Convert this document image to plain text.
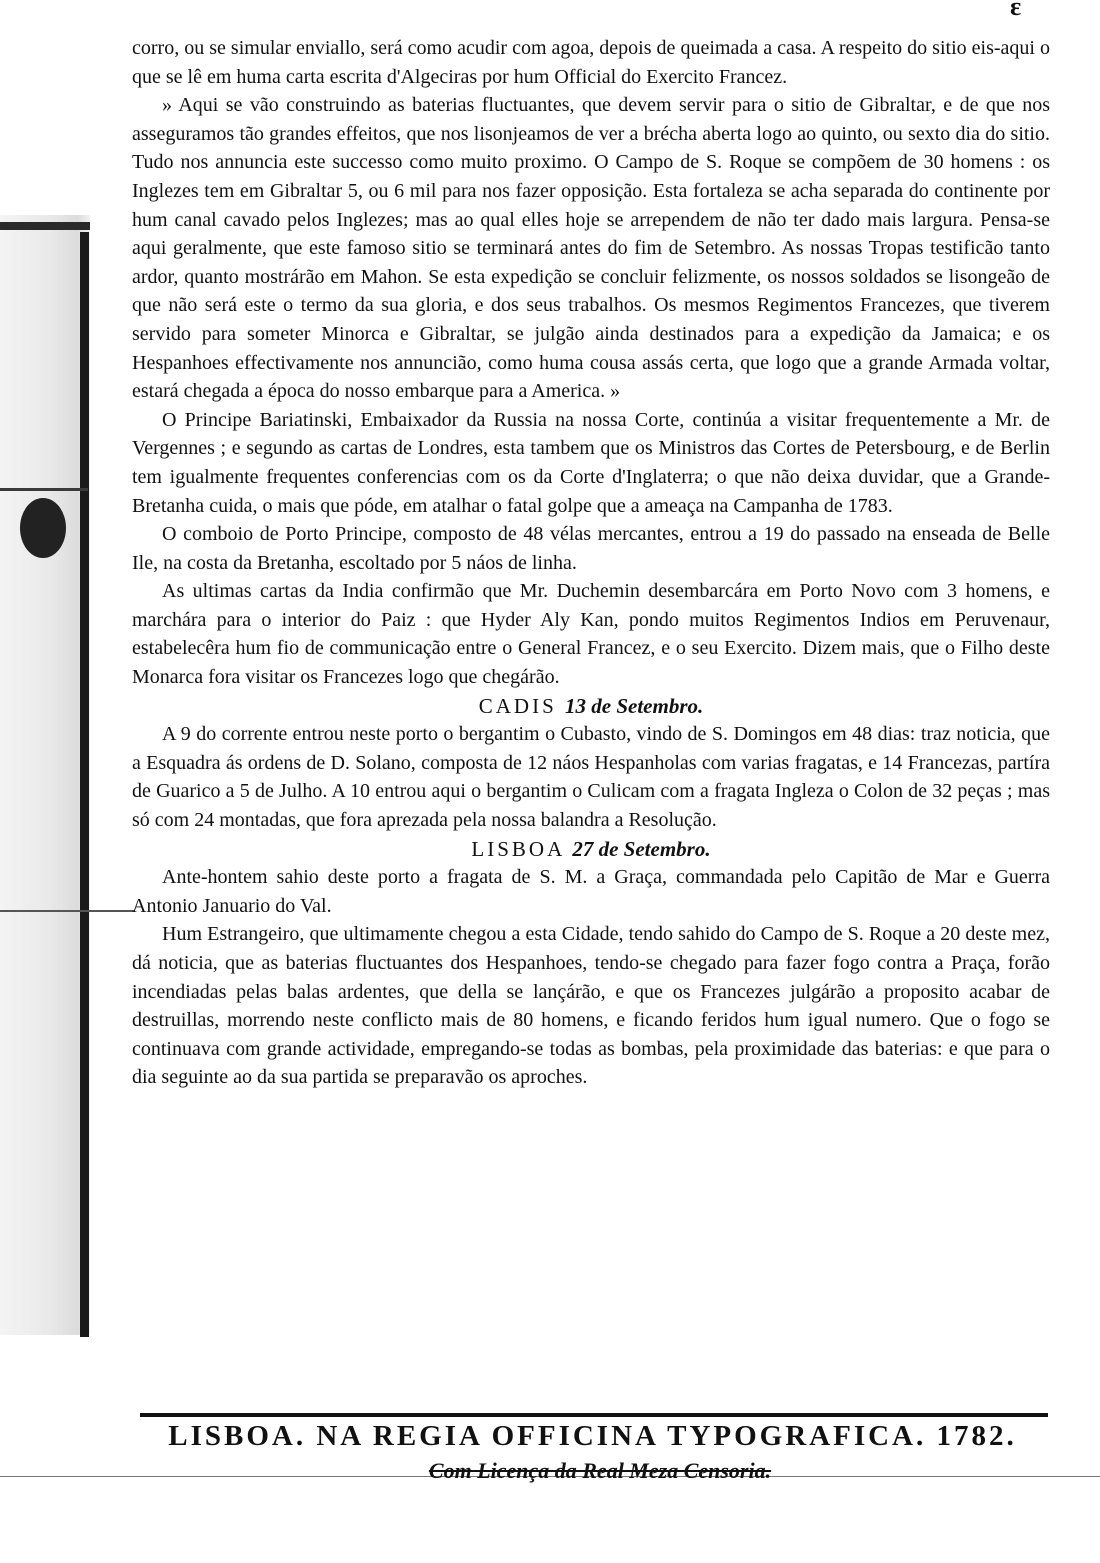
ɛ

corro, ou se simular enviallo, será como acudir com agoa, depois de queimada a casa. A respeito do sitio eis-aqui o que se lê em huma carta escrita d'Algeciras por hum Official do Exercito Francez.

» Aqui se vão construindo as baterias fluctuantes, que devem servir para o sitio de Gibraltar, e de que nos asseguramos tão grandes effeitos, que nos lisonjeamos de ver a brécha aberta logo ao quinto, ou sexto dia do sitio. Tudo nos annuncia este successo como muito proximo. O Campo de S. Roque se compõem de 30 homens : os Inglezes tem em Gibraltar 5, ou 6 mil para nos fazer opposição. Esta fortaleza se acha separada do continente por hum canal cavado pelos Inglezes; mas ao qual elles hoje se arrependem de não ter dado mais largura. Pensa-se aqui geralmente, que este famoso sitio se terminará antes do fim de Setembro. As nossas Tropas testificão tanto ardor, quanto mostrárão em Mahon. Se esta expedição se concluir felizmente, os nossos soldados se lisongeão de que não será este o termo da sua gloria, e dos seus trabalhos. Os mesmos Regimentos Francezes, que tiverem servido para someter Minorca e Gibraltar, se julgão ainda destinados para a expedição da Jamaica; e os Hespanhoes effectivamente nos annuncião, como huma cousa assás certa, que logo que a grande Armada voltar, estará chegada a época do nosso embarque para a America. »

O Principe Bariatinski, Embaixador da Russia na nossa Corte, continúa a visitar frequentemente a Mr. de Vergennes ; e segundo as cartas de Londres, esta tambem que os Ministros das Cortes de Petersbourg, e de Berlin tem igualmente frequentes conferencias com os da Corte d'Inglaterra; o que não deixa duvidar, que a Grande-Bretanha cuida, o mais que póde, em atalhar o fatal golpe que a ameaça na Campanha de 1783.

O comboio de Porto Principe, composto de 48 vélas mercantes, entrou a 19 do passado na enseada de Belle Ile, na costa da Bretanha, escoltado por 5 náos de linha.

As ultimas cartas da India confirmão que Mr. Duchemin desembarcára em Porto Novo com 3 homens, e marchára para o interior do Paiz : que Hyder Aly Kan, pondo muitos Regimentos Indios em Peruvenaur, estabelecêra hum fio de communicação entre o General Francez, e o seu Exercito. Dizem mais, que o Filho deste Monarca fora visitar os Francezes logo que chegárão.

CADIS 13 de Setembro.

A 9 do corrente entrou neste porto o bergantim o Cubasto, vindo de S. Domingos em 48 dias: traz noticia, que a Esquadra ás ordens de D. Solano, composta de 12 náos Hespanholas com varias fragatas, e 14 Francezas, partíra de Guarico a 5 de Julho. A 10 entrou aqui o bergantim o Culicam com a fragata Ingleza o Colon de 32 peças ; mas só com 24 montadas, que fora aprezada pela nossa balandra a Resolução.

LISBOA 27 de Setembro.

Ante-hontem sahio deste porto a fragata de S. M. a Graça, commandada pelo Capitão de Mar e Guerra Antonio Januario do Val.

Hum Estrangeiro, que ultimamente chegou a esta Cidade, tendo sahido do Campo de S. Roque a 20 deste mez, dá noticia, que as baterias fluctuantes dos Hespanhoes, tendo-se chegado para fazer fogo contra a Praça, forão incendiadas pelas balas ardentes, que della se lançárão, e que os Francezes julgárão a proposito acabar de destruillas, morrendo neste conflicto mais de 80 homens, e ficando feridos hum igual numero. Que o fogo se continuava com grande actividade, empregando-se todas as bombas, pela proximidade das baterias: e que para o dia seguinte ao da sua partida se preparavão os aproches.

LISBOA. NA REGIA OFFICINA TYPOGRAFICA. 1782.
Com Licença da Real Meza Censoria.
